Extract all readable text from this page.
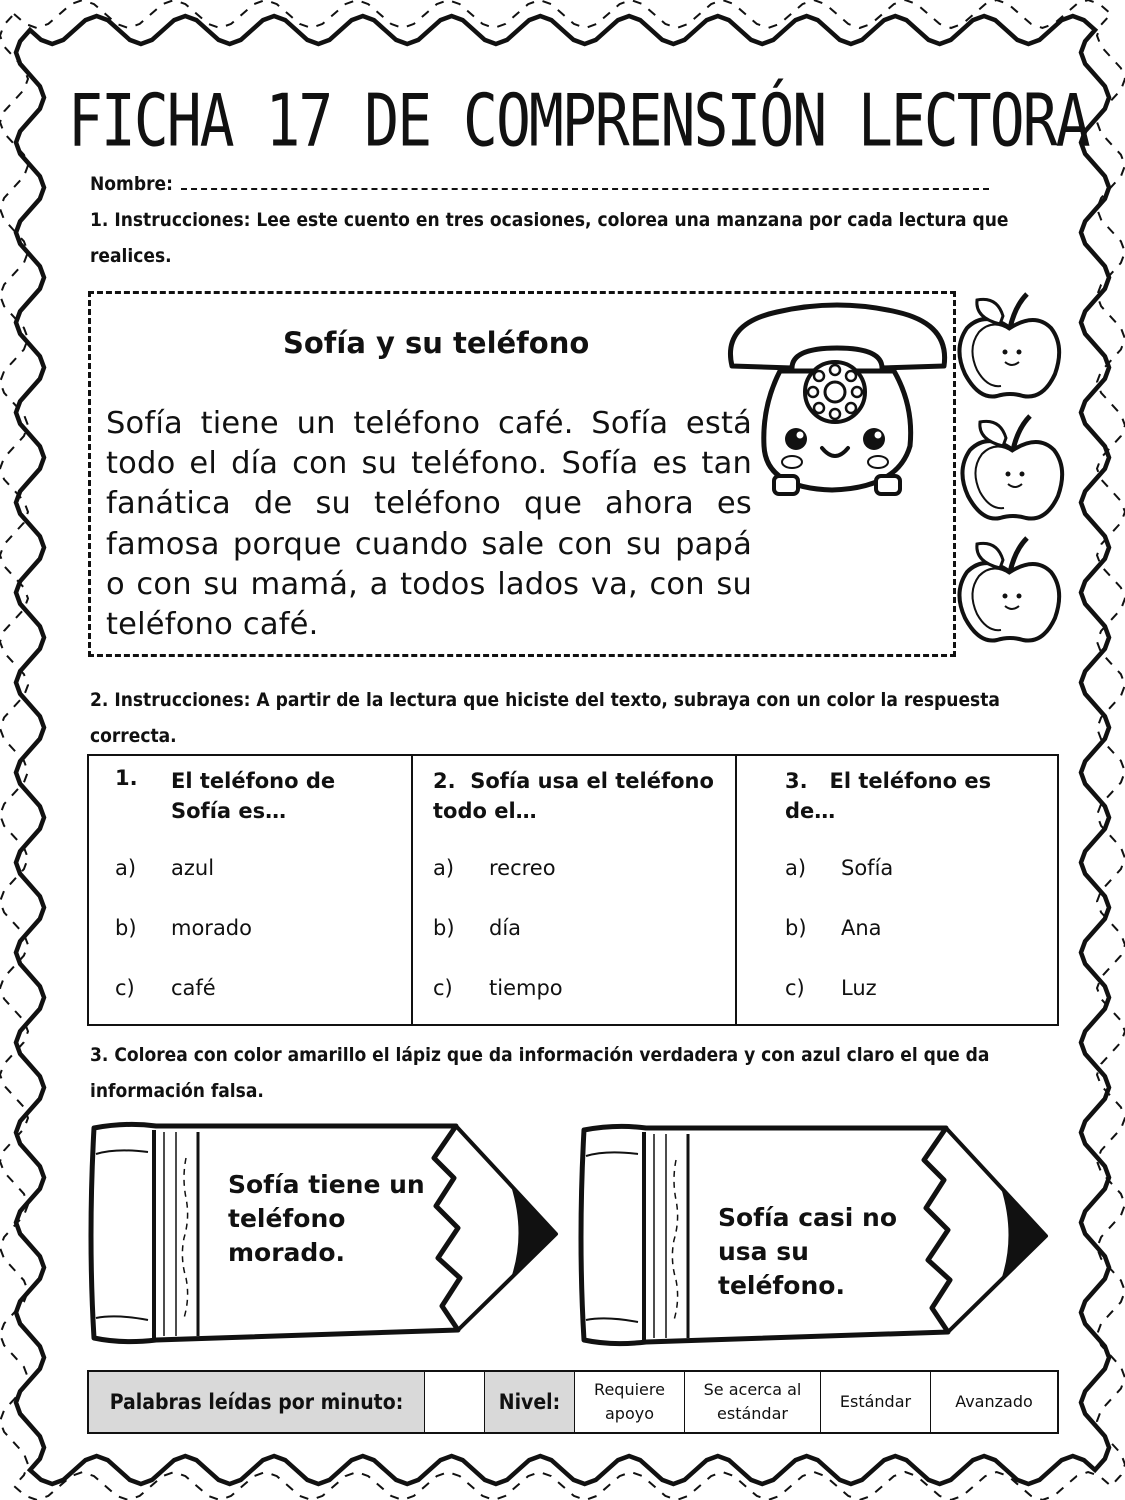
FICHA 17 DE COMPRENSIÓN LECTORA
Nombre:
1. Instrucciones: Lee este cuento en tres ocasiones, colorea una manzana por cada lectura que realices.
Sofía y su teléfono
Sofía tiene un teléfono café. Sofía está todo el día con su teléfono. Sofía es tan fanática de su teléfono que ahora es famosa porque cuando sale con su papá o con su mamá, a todos lados va, con su teléfono café.
2. Instrucciones: A partir de la lectura que hiciste del texto, subraya con un color la respuesta correcta.
1. El teléfono de Sofía es…
a) azul
b) morado
c) café
2. Sofía usa el teléfono todo el…
a) recreo
b) día
c) tiempo
3. El teléfono es de…
a) Sofía
b) Ana
c) Luz
3. Colorea con color amarillo el lápiz que da información verdadera y con azul claro el que da información falsa.
Sofía tiene un teléfono morado.
Sofía casi no usa su teléfono.
Palabras leídas por minuto:	Nivel:
Requiere apoyo
Se acerca al estándar
Estándar	Avanzado
